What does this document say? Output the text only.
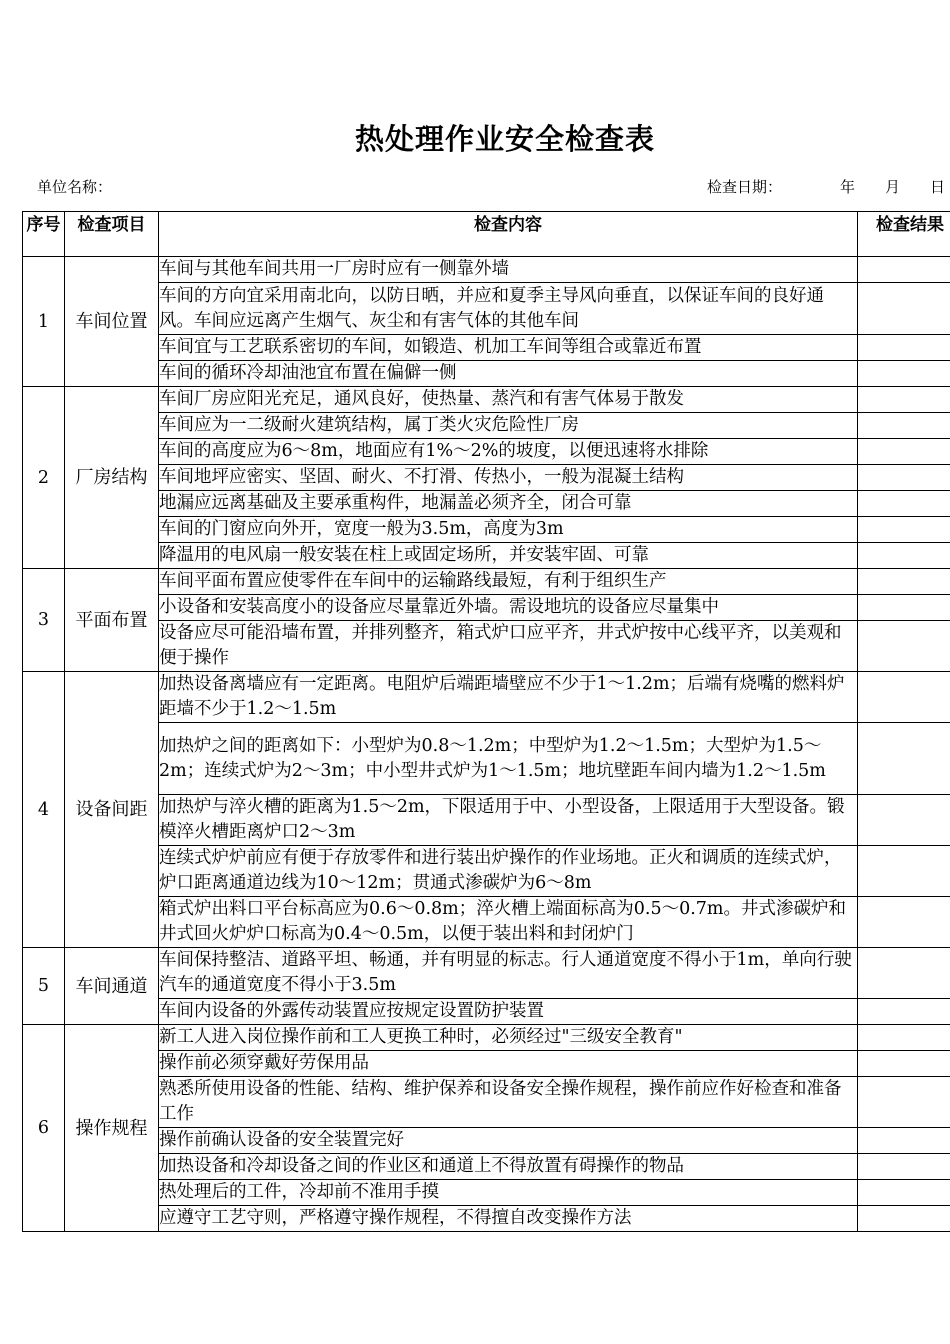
热处理作业安全检查表
单位名称：	检查日期：	年 月 日
序号	检查项目	检查内容	检查结果
1	车间位置	车间与其他车间共用一厂房时应有一侧靠外墙	
		车间的方向宜采用南北向，以防日晒，并应和夏季主导风向垂直，以保证车间的良好通风。车间应远离产生烟气、灰尘和有害气体的其他车间	
		车间宜与工艺联系密切的车间，如锻造、机加工车间等组合或靠近布置	
		车间的循环冷却油池宜布置在偏僻一侧	
2	厂房结构	车间厂房应阳光充足，通风良好，使热量、蒸汽和有害气体易于散发	
		车间应为一二级耐火建筑结构，属丁类火灾危险性厂房	
		车间的高度应为6～8m，地面应有1%～2%的坡度，以便迅速将水排除	
		车间地坪应密实、坚固、耐火、不打滑、传热小，一般为混凝土结构	
		地漏应远离基础及主要承重构件，地漏盖必须齐全，闭合可靠	
		车间的门窗应向外开，宽度一般为3.5m，高度为3m	
		降温用的电风扇一般安装在柱上或固定场所，并安装牢固、可靠	
3	平面布置	车间平面布置应使零件在车间中的运输路线最短，有利于组织生产	
		小设备和安装高度小的设备应尽量靠近外墙。需设地坑的设备应尽量集中	
		设备应尽可能沿墙布置，并排列整齐，箱式炉口应平齐，井式炉按中心线平齐，以美观和便于操作	
4	设备间距	加热设备离墙应有一定距离。电阻炉后端距墙壁应不少于1～1.2m；后端有烧嘴的燃料炉距墙不少于1.2～1.5m	
		加热炉之间的距离如下：小型炉为0.8～1.2m；中型炉为1.2～1.5m；大型炉为1.5～2m；连续式炉为2～3m；中小型井式炉为1～1.5m；地坑壁距车间内墙为1.2～1.5m	
		加热炉与淬火槽的距离为1.5～2m，下限适用于中、小型设备，上限适用于大型设备。锻模淬火槽距离炉口2～3m	
		连续式炉炉前应有便于存放零件和进行装出炉操作的作业场地。正火和调质的连续式炉，炉口距离通道边线为10～12m；贯通式渗碳炉为6～8m	
		箱式炉出料口平台标高应为0.6～0.8m；淬火槽上端面标高为0.5～0.7m。井式渗碳炉和井式回火炉炉口标高为0.4～0.5m，以便于装出料和封闭炉门	
5	车间通道	车间保持整洁、道路平坦、畅通，并有明显的标志。行人通道宽度不得小于1m，单向行驶汽车的通道宽度不得小于3.5m	
		车间内设备的外露传动装置应按规定设置防护装置	
6	操作规程	新工人进入岗位操作前和工人更换工种时，必须经过"三级安全教育"	
		操作前必须穿戴好劳保用品	
		熟悉所使用设备的性能、结构、维护保养和设备安全操作规程，操作前应作好检查和准备工作	
		操作前确认设备的安全装置完好	
		加热设备和冷却设备之间的作业区和通道上不得放置有碍操作的物品	
		热处理后的工件，冷却前不准用手摸	
		应遵守工艺守则，严格遵守操作规程，不得擅自改变操作方法	
